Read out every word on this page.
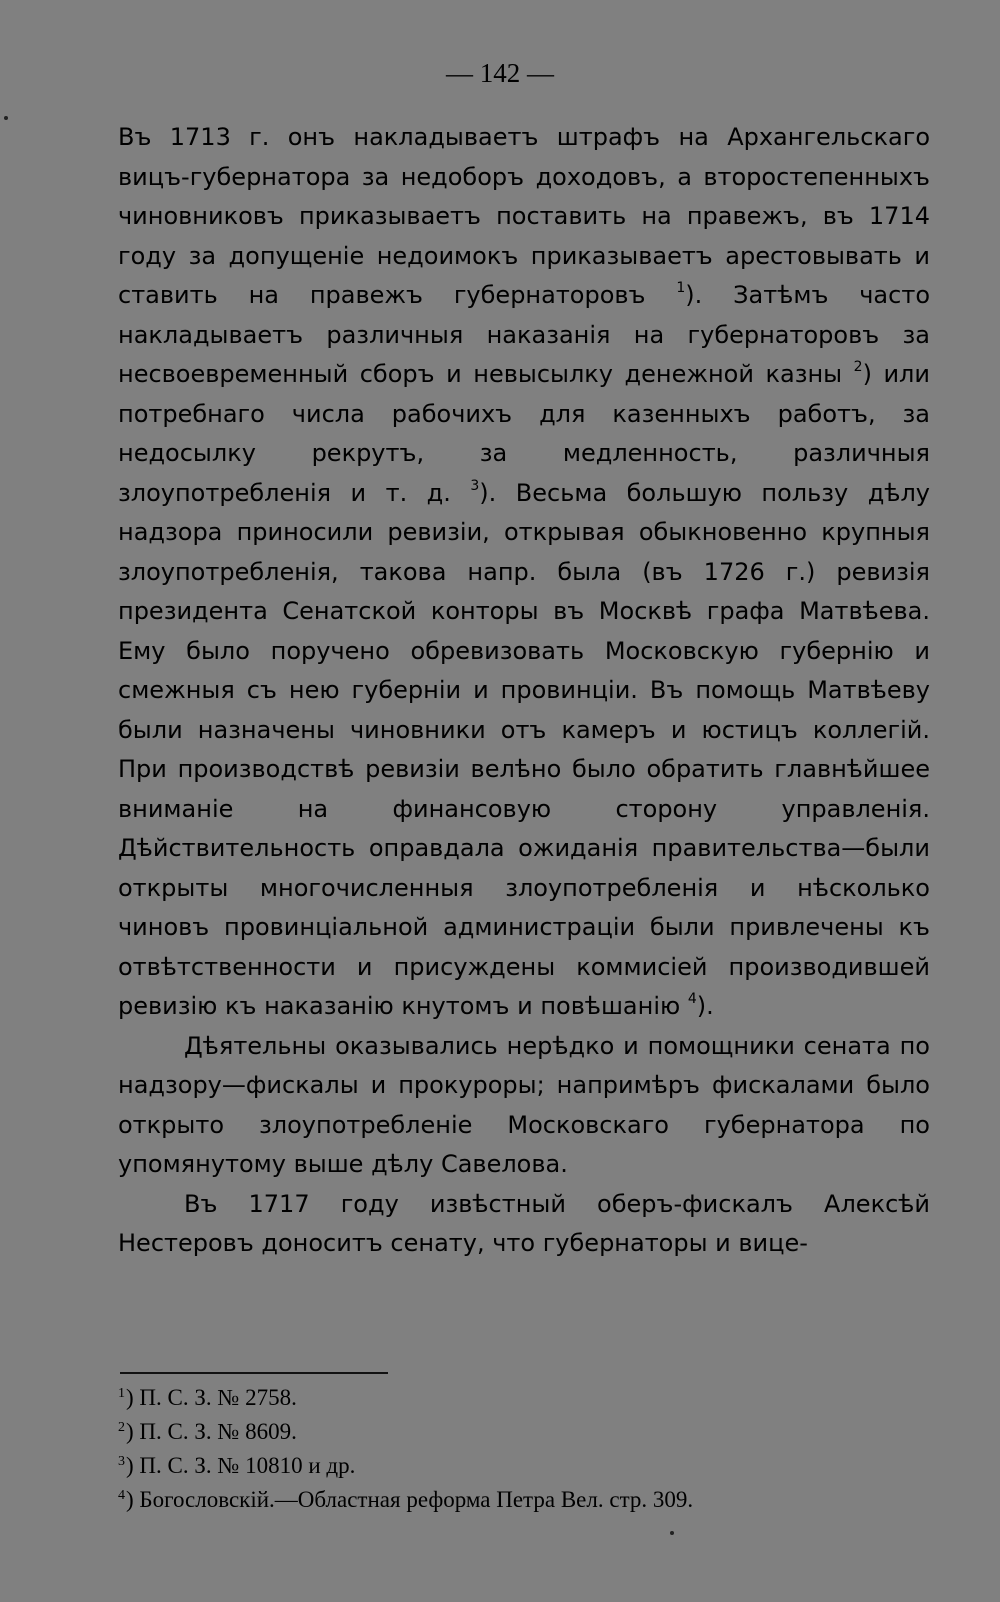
— 142 —

Въ 1713 г. онъ накладываетъ штрафъ на Архангельскаго вицъ-губернатора за недоборъ доходовъ, а второстепенныхъ чиновниковъ приказываетъ поставить на правежъ, въ 1714 году за допущеніе недоимокъ приказываетъ арестовывать и ставить на правежъ губернаторовъ $^1$). Затѣмъ часто накладываетъ различныя наказанія на губернаторовъ за несвоевременный сборъ и невысылку денежной казны $^2$) или потребнаго числа рабочихъ для казенныхъ работъ, за недосылку рекрутъ, за медленность, различныя злоупотребленія и т. д. $^3$). Весьма большую пользу дѣлу надзора приносили ревизіи, открывая обыкновенно крупныя злоупотребленія, такова напр. была (въ 1726 г.) ревизія президента Сенатской конторы въ Москвѣ графа Матвѣева. Ему было поручено обревизовать Московскую губернію и смежныя съ нею губерніи и провинціи. Въ помощь Матвѣеву были назначены чиновники отъ камеръ и юстицъ коллегій. При производствѣ ревизіи велѣно было обратить главнѣйшее вниманіе на финансовую сторону управленія. Дѣйствительность оправдала ожиданія правительства—были открыты многочисленныя злоупотребленія и нѣсколько чиновъ провинціальной администраціи были привлечены къ отвѣтственности и присуждены коммисіей производившей ревизію къ наказанію кнутомъ и повѣшанію $^4$).

Дѣятельны оказывались нерѣдко и помощники сената по надзору—фискалы и прокуроры; напримѣръ фискалами было открыто злоупотребленіе Московскаго губернатора по упомянутому выше дѣлу Савелова.

Въ 1717 году извѣстный оберъ-фискалъ Алексѣй Нестеровъ доноситъ сенату, что губернаторы и вице-

$^1$) П. С. З. № 2758.
$^2$) П. С. З. № 8609.
$^3$) П. С. З. № 10810 и др.
$^4$) Богословскій.—Областная реформа Петра Вел. стр. 309.
